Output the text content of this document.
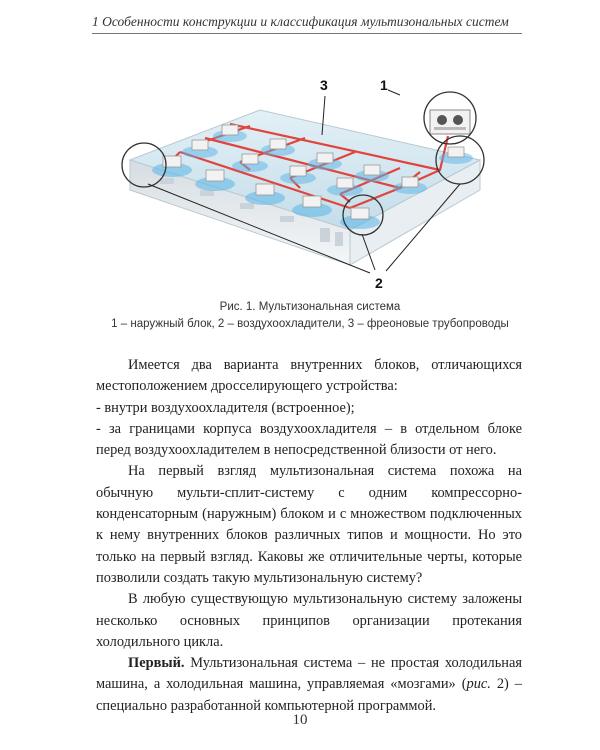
1 Особенности конструкции и классификация мультизональных систем
1
3
2
Рис. 1. Мультизональная система
1 – наружный блок, 2 – воздухоохладители, 3 – фреоновые трубопроводы

Имеется два варианта внутренних блоков, отличающихся местоположением дросселирующего устройства:

- внутри воздухоохладителя (встроенное);

- за границами корпуса воздухоохладителя – в отдельном блоке перед воздухоохладителем в непосредственной близости от него.

На первый взгляд мультизональная система похожа на обычную мульти-сплит-систему с одним компрессорно-конденсаторным (наружным) блоком и с множеством подключенных к нему внутренних блоков различных типов и мощности. Но это только на первый взгляд. Каковы же отличительные черты, которые позволили создать такую мультизональную систему?

В любую существующую мультизональную систему заложены несколько основных принципов организации протекания холодильного цикла.

Первый. Мультизональная система – не простая холодильная машина, а холодильная машина, управляемая «мозгами» (рис. 2) – специально разработанной компьютерной программой.

10
